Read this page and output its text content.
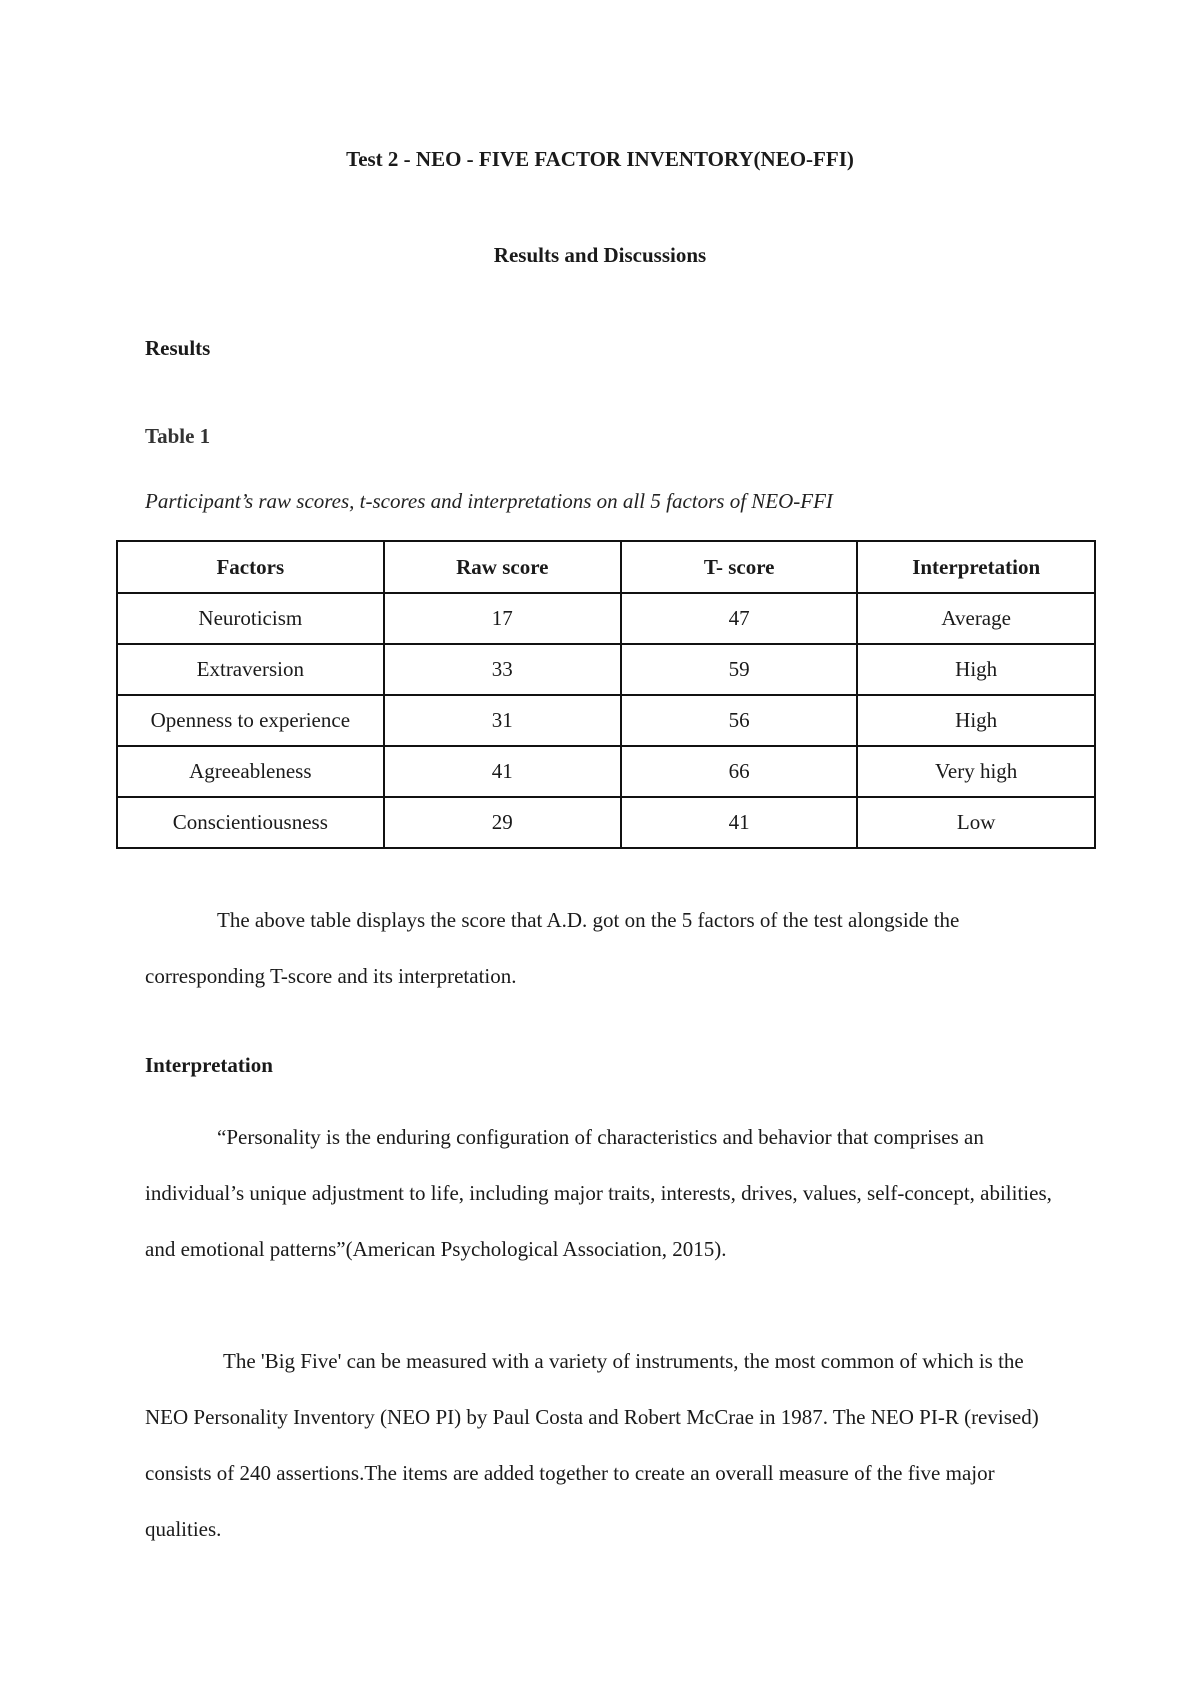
Test 2 - NEO - FIVE FACTOR INVENTORY(NEO-FFI)
Results and Discussions
Results
Table 1
Participant’s raw scores, t-scores and interpretations on all 5 factors of NEO-FFI
Factors	Raw score	T- score	Interpretation
Neuroticism	17	47	Average
Extraversion	33	59	High
Openness to experience	31	56	High
Agreeableness	41	66	Very high
Conscientiousness	29	41	Low

The above table displays the score that A.D. got on the 5 factors of the test alongside the corresponding T-score and its interpretation.

Interpretation

“Personality is the enduring configuration of characteristics and behavior that comprises an individual’s unique adjustment to life, including major traits, interests, drives, values, self-concept, abilities, and emotional patterns”(American Psychological Association, 2015).

The 'Big Five' can be measured with a variety of instruments, the most common of which is the NEO Personality Inventory (NEO PI) by Paul Costa and Robert McCrae in 1987. The NEO PI-R (revised) consists of 240 assertions.The items are added together to create an overall measure of the five major qualities.
